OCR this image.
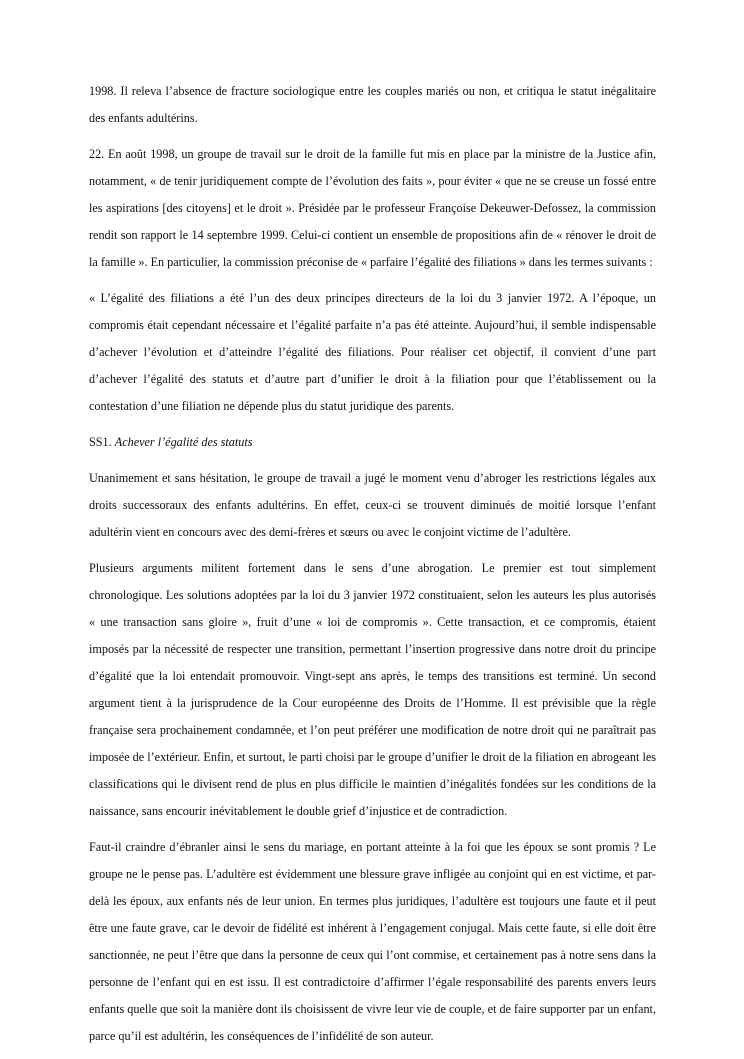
1998. Il releva l’absence de fracture sociologique entre les couples mariés ou non, et critiqua le statut inégalitaire des enfants adultérins.

22. En août 1998, un groupe de travail sur le droit de la famille fut mis en place par la ministre de la Justice afin, notamment, « de tenir juridiquement compte de l’évolution des faits », pour éviter « que ne se creuse un fossé entre les aspirations [des citoyens] et le droit ». Présidée par le professeur Françoise Dekeuwer-Defossez, la commission rendit son rapport le 14 septembre 1999. Celui-ci contient un ensemble de propositions afin de « rénover le droit de la famille ». En particulier, la commission préconise de « parfaire l’égalité des filiations » dans les termes suivants :

« L’égalité des filiations a été l’un des deux principes directeurs de la loi du 3 janvier 1972. A l’époque, un compromis était cependant nécessaire et l’égalité parfaite n’a pas été atteinte. Aujourd’hui, il semble indispensable d’achever l’évolution et d’atteindre l’égalité des filiations. Pour réaliser cet objectif, il convient d’une part d’achever l’égalité des statuts et d’autre part d’unifier le droit à la filiation pour que l’établissement ou la contestation d’une filiation ne dépende plus du statut juridique des parents.

SS1. Achever l’égalité des statuts

Unanimement et sans hésitation, le groupe de travail a jugé le moment venu d’abroger les restrictions légales aux droits successoraux des enfants adultérins. En effet, ceux-ci se trouvent diminués de moitié lorsque l’enfant adultérin vient en concours avec des demi-frères et sœurs ou avec le conjoint victime de l’adultère.

Plusieurs arguments militent fortement dans le sens d’une abrogation. Le premier est tout simplement chronologique. Les solutions adoptées par la loi du 3 janvier 1972 constituaient, selon les auteurs les plus autorisés « une transaction sans gloire », fruit d’une « loi de compromis ». Cette transaction, et ce compromis, étaient imposés par la nécessité de respecter une transition, permettant l’insertion progressive dans notre droit du principe d’égalité que la loi entendait promouvoir. Vingt-sept ans après, le temps des transitions est terminé. Un second argument tient à la jurisprudence de la Cour européenne des Droits de l’Homme. Il est prévisible que la règle française sera prochainement condamnée, et l’on peut préférer une modification de notre droit qui ne paraîtrait pas imposée de l’extérieur. Enfin, et surtout, le parti choisi par le groupe d’unifier le droit de la filiation en abrogeant les classifications qui le divisent rend de plus en plus difficile le maintien d’inégalités fondées sur les conditions de la naissance, sans encourir inévitablement le double grief d’injustice et de contradiction.

Faut-il craindre d’ébranler ainsi le sens du mariage, en portant atteinte à la foi que les époux se sont promis ? Le groupe ne le pense pas. L’adultère est évidemment une blessure grave infligée au conjoint qui en est victime, et par-delà les époux, aux enfants nés de leur union. En termes plus juridiques, l’adultère est toujours une faute et il peut être une faute grave, car le devoir de fidélité est inhérent à l’engagement conjugal. Mais cette faute, si elle doit être sanctionnée, ne peut l’être que dans la personne de ceux qui l’ont commise, et certainement pas à notre sens dans la personne de l’enfant qui en est issu. Il est contradictoire d’affirmer l’égale responsabilité des parents envers leurs enfants quelle que soit la manière dont ils choisissent de vivre leur vie de couple, et de faire supporter par un enfant, parce qu’il est adultérin, les conséquences de l’infidélité de son auteur.
